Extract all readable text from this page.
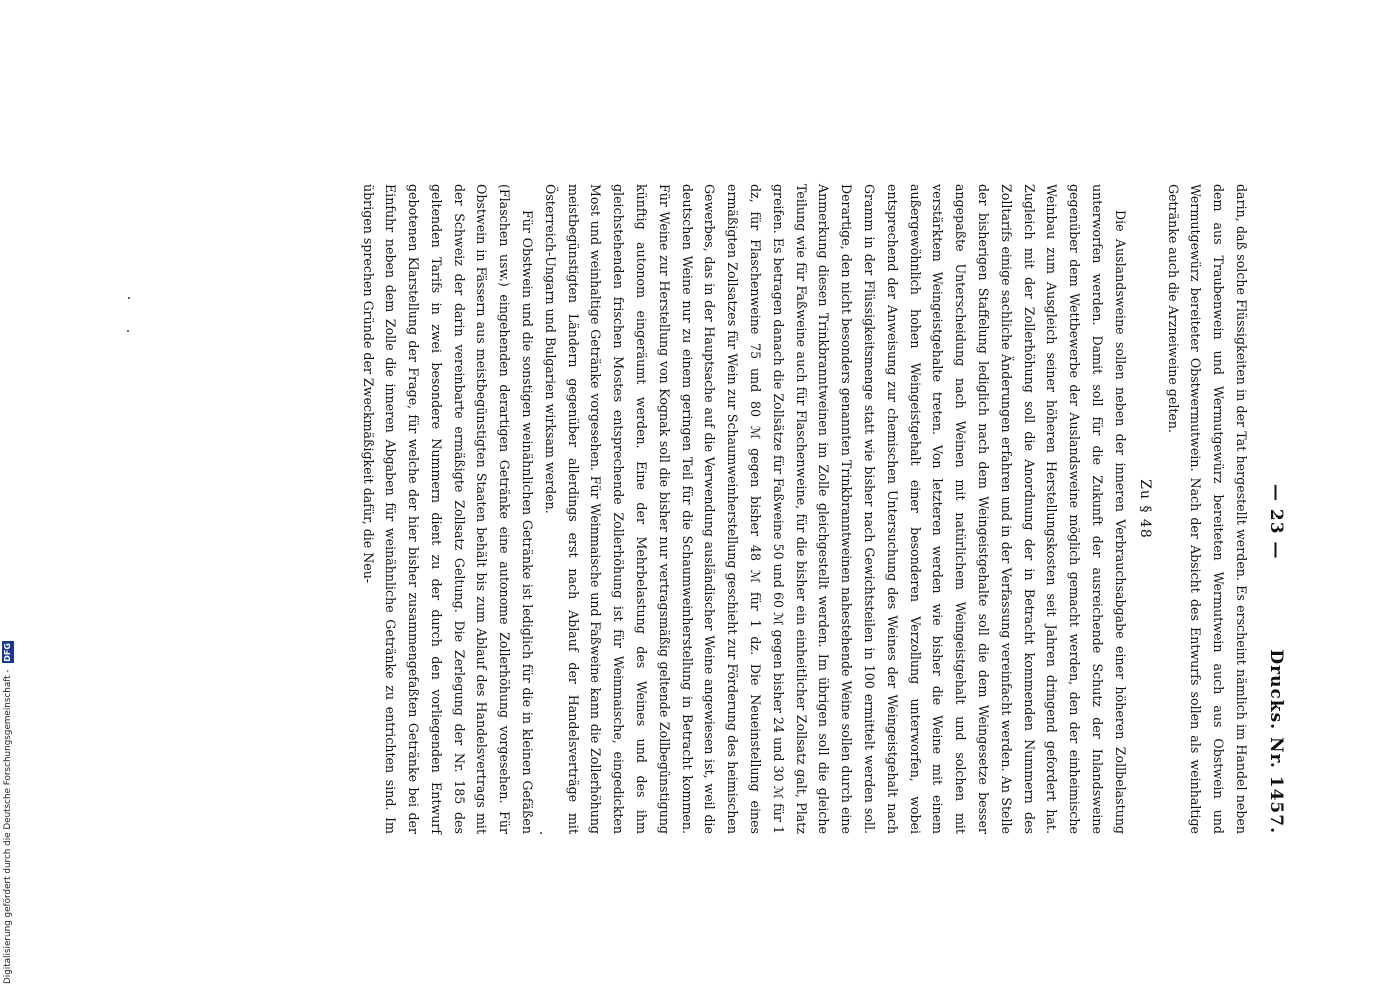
— 23 —
Drucks. Nr. 1457.

darin, daß solche Flüssigkeiten in der Tat hergestellt werden. Es erscheint nämlich im Handel neben dem aus Traubenwein und Wermutgewürz bereiteten Wermutwein auch aus Obstwein und Wermutgewürz bereiteter Obstwermutwein. Nach der Absicht des Entwurfs sollen als weinhaltige Getränke auch die Arzneiweine gelten.

Zu § 48

Die Auslandsweine sollen neben der inneren Verbrauchsabgabe einer höheren Zollbelastung unterworfen werden. Damit soll für die Zukunft der ausreichende Schutz der Inlandsweine gegenüber dem Wettbewerbe der Auslandsweine möglich gemacht werden, den der einheimische Weinbau zum Ausgleich seiner höheren Herstellungskosten seit Jahren dringend gefordert hat. Zugleich mit der Zollerhöhung soll die Anordnung der in Betracht kommenden Nummern des Zolltarifs einige sachliche Änderungen erfahren und in der Verfassung vereinfacht werden. An Stelle der bisherigen Staffelung lediglich nach dem Weingeistgehalte soll die dem Weingesetze besser angepaßte Unterscheidung nach Weinen mit natürlichem Weingeistgehalt und solchen mit verstärktem Weingeistgehalte treten. Von letzteren werden wie bisher die Weine mit einem außergewöhnlich hohen Weingeistgehalt einer besonderen Verzollung unterworfen, wobei entsprechend der Anweisung zur chemischen Untersuchung des Weines der Weingeistgehalt nach Gramm in der Flüssigkeitsmenge statt wie bisher nach Gewichtsteilen in 100 ermittelt werden soll. Derartige, den nicht besonders genannten Trinkbranntweinen nahestehende Weine sollen durch eine Anmerkung diesen Trinkbranntweinen im Zolle gleichgestellt werden. Im übrigen soll die gleiche Teilung wie für Faßweine auch für Flaschenweine, für die bisher ein einheitlicher Zollsatz galt, Platz greifen. Es betragen danach die Zollsätze für Faßweine 50 und 60 ℳ gegen bisher 24 und 30 ℳ für 1 dz, für Flaschenweine 75 und 80 ℳ gegen bisher 48 ℳ für 1 dz. Die Neueinstellung eines ermäßigten Zollsatzes für Wein zur Schaumweinherstellung geschieht zur Förderung des heimischen Gewerbes, das in der Hauptsache auf die Verwendung ausländischer Weine angewiesen ist, weil die deutschen Weine nur zu einem geringen Teil für die Schaumweinherstellung in Betracht kommen. Für Weine zur Herstellung von Kognak soll die bisher nur vertragsmäßig geltende Zollbegünstigung künftig autonom eingeräumt werden. Eine der Mehrbelastung des Weines und des ihm gleichstehenden frischen Mostes entsprechende Zollerhöhung ist für Weinmaische, eingedickten Most und weinhaltige Getränke vorgesehen. Für Weinmaische und Faßweine kann die Zollerhöhung meistbegünstigten Ländern gegenüber allerdings erst nach Ablauf der Handelsverträge mit Österreich-Ungarn und Bulgarien wirksam werden.

Für Obstwein und die sonstigen weinähnlichen Getränke ist lediglich für die in kleinen Gefäßen (Flaschen usw.) eingehenden derartigen Getränke eine autonome Zollerhöhung vorgesehen. Für Obstwein in Fässern aus meistbegünstigten Staaten behält bis zum Ablauf des Handelsvertrags mit der Schweiz der darin vereinbarte ermäßigte Zollsatz Geltung. Die Zerlegung der Nr. 185 des geltenden Tarifs in zwei besondere Nummern dient zu der durch den vorliegenden Entwurf gebotenen Klarstellung der Frage, für welche der hier bisher zusammengefaßten Getränke bei der Einfuhr neben dem Zolle die inneren Abgaben für weinähnliche Getränke zu entrichten sind. Im übrigen sprechen Gründe der Zweckmäßigkeit dafür, die Neu-

Digitalisierung gefördert durch die Deutsche Forschungsgemeinschaft -DFG
